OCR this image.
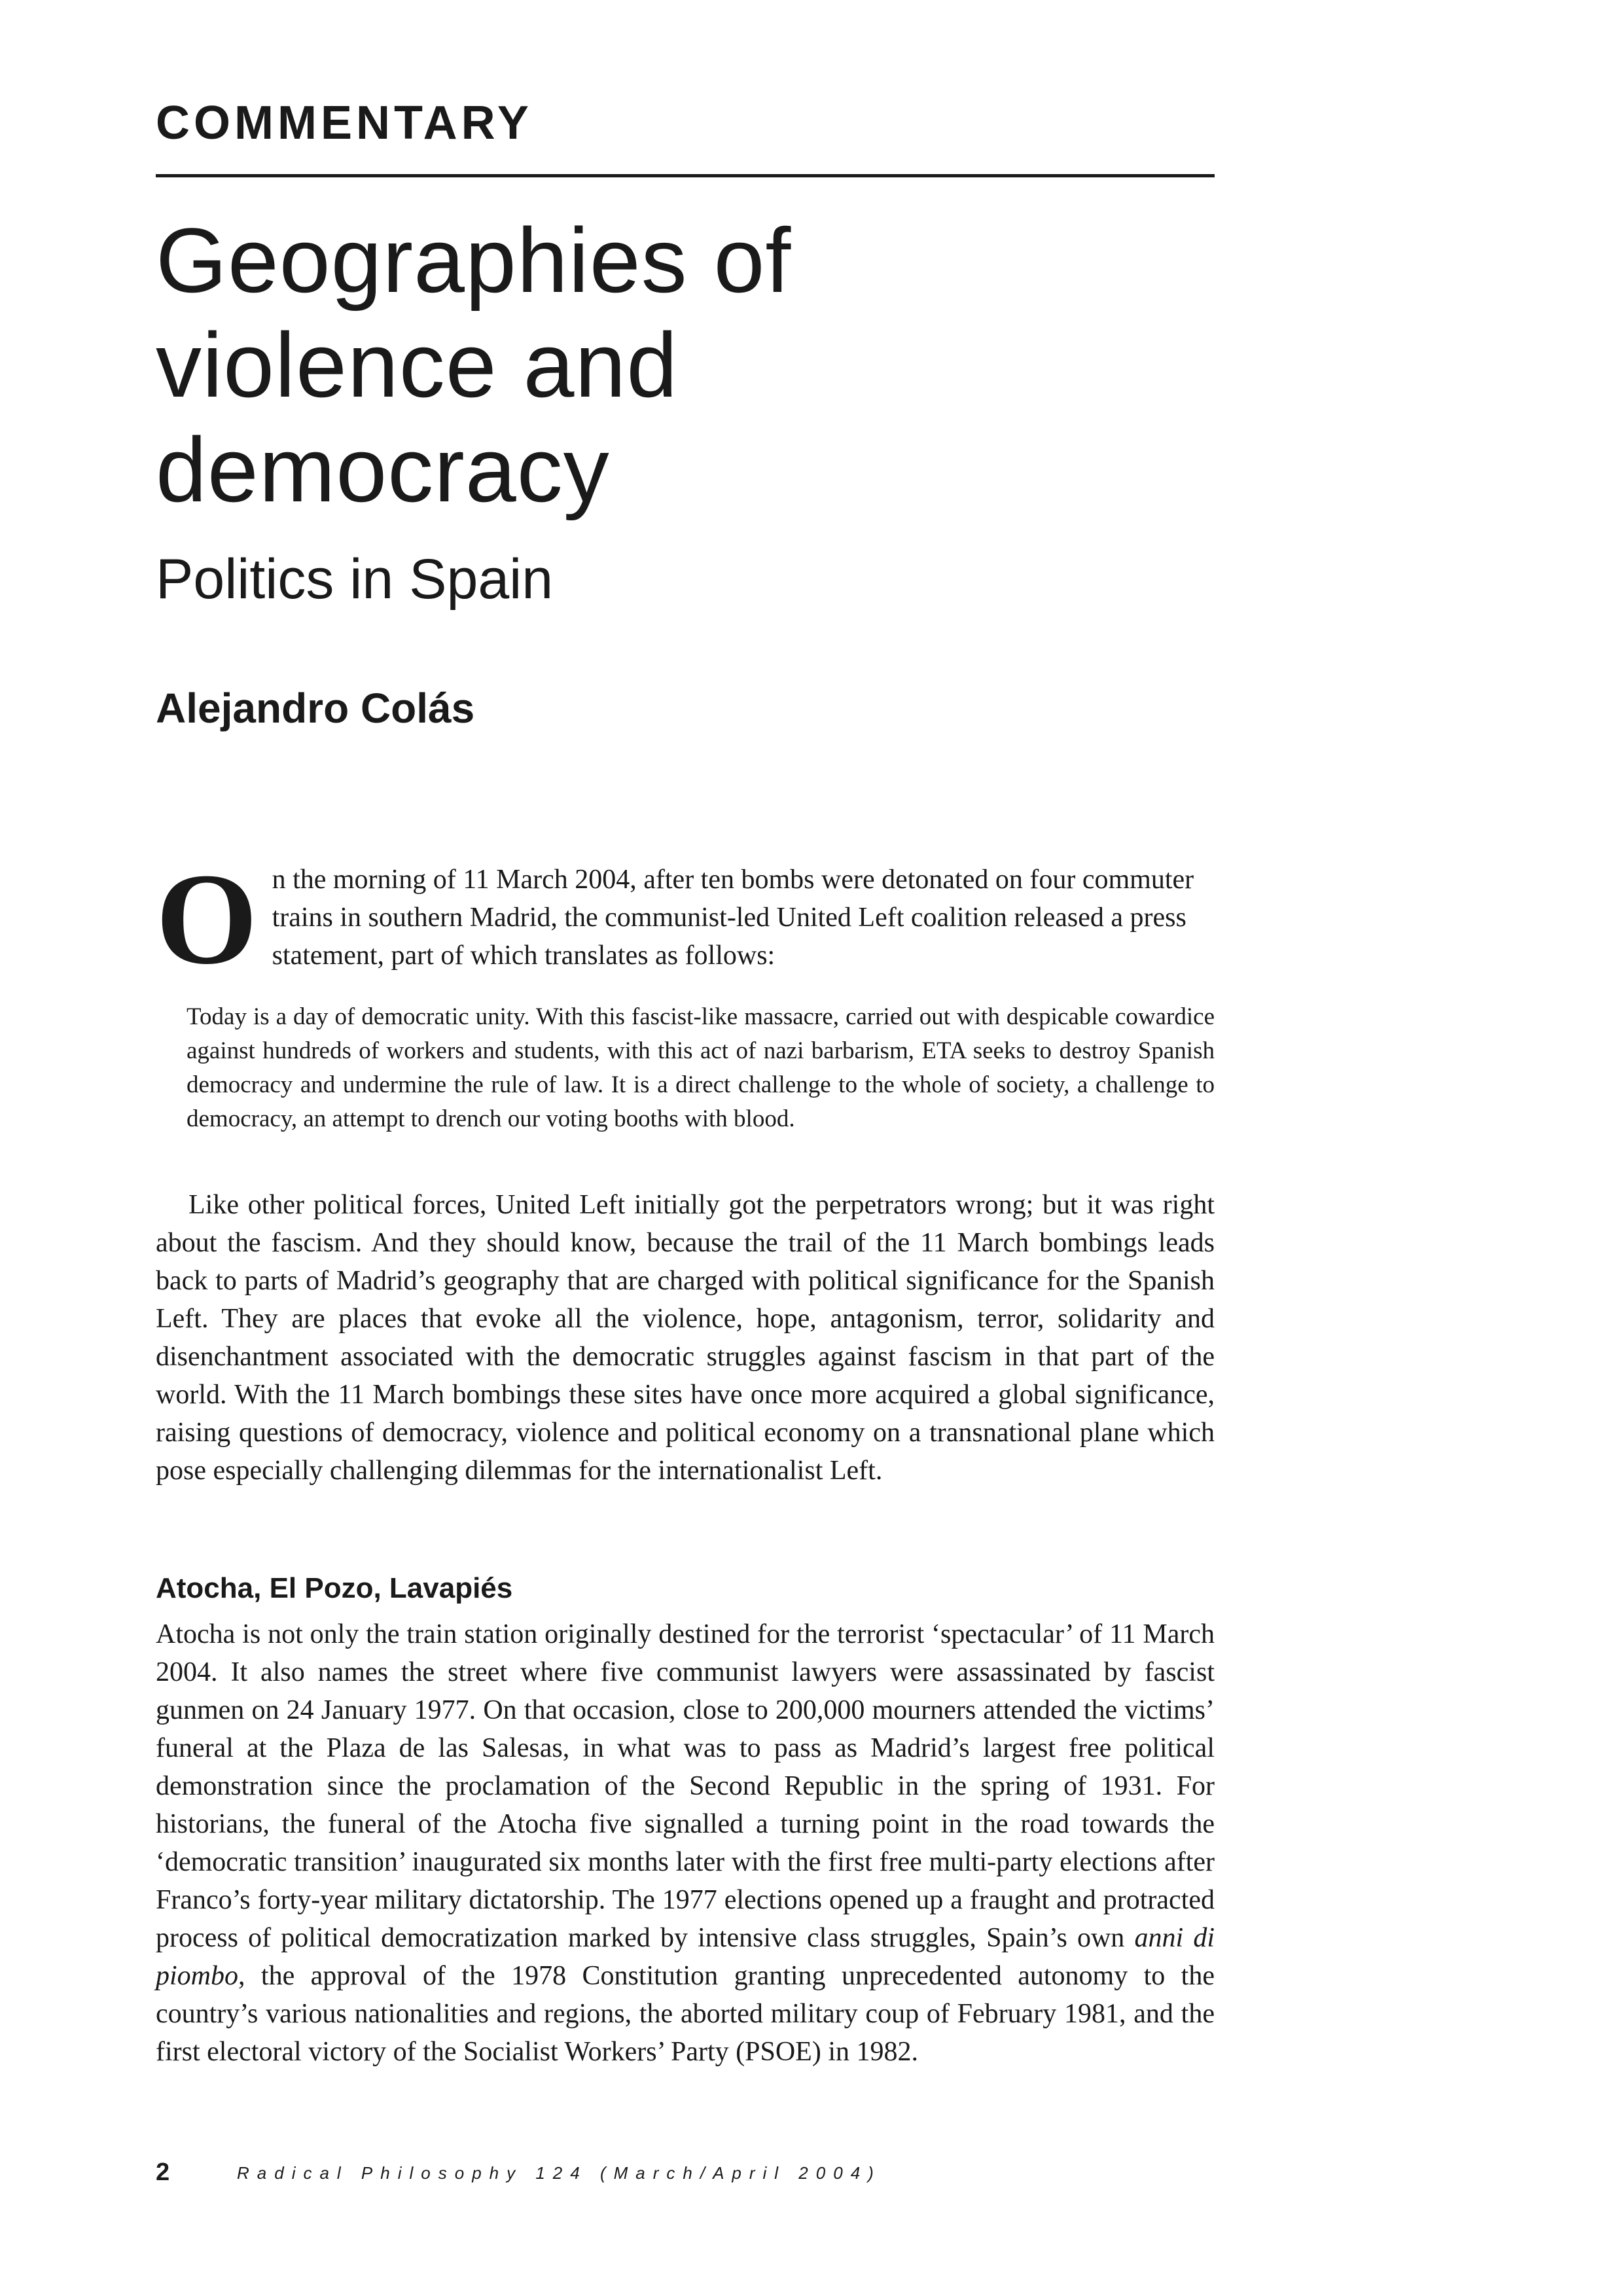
COMMENTARY
Geographies of
violence and
democracy
Politics in Spain
Alejandro Colás

O n the morning of 11 March 2004, after ten bombs were detonated on four commuter trains in southern Madrid, the communist-led United Left coalition released a press statement, part of which translates as follows:

Today is a day of democratic unity. With this fascist-like massacre, carried out with despicable cowardice against hundreds of workers and students, with this act of nazi barbarism, ETA seeks to destroy Spanish democracy and undermine the rule of law. It is a direct challenge to the whole of society, a challenge to democracy, an attempt to drench our voting booths with blood.

Like other political forces, United Left initially got the perpetrators wrong; but it was right about the fascism. And they should know, because the trail of the 11 March bombings leads back to parts of Madrid’s geography that are charged with political significance for the Spanish Left. They are places that evoke all the violence, hope, antagonism, terror, solidarity and disenchantment associated with the democratic struggles against fascism in that part of the world. With the 11 March bombings these sites have once more acquired a global significance, raising questions of democracy, violence and political economy on a transnational plane which pose especially challenging dilemmas for the internationalist Left.

Atocha, El Pozo, Lavapiés

Atocha is not only the train station originally destined for the terrorist ‘spectacular’ of 11 March 2004. It also names the street where five communist lawyers were assassinated by fascist gunmen on 24 January 1977. On that occasion, close to 200,000 mourners attended the victims’ funeral at the Plaza de las Salesas, in what was to pass as Madrid’s largest free political demonstration since the proclamation of the Second Republic in the spring of 1931. For historians, the funeral of the Atocha five signalled a turning point in the road towards the ‘democratic transition’ inaugurated six months later with the first free multi-party elections after Franco’s forty-year military dictatorship. The 1977 elections opened up a fraught and protracted process of political democratization marked by intensive class struggles, Spain’s own anni di piombo, the approval of the 1978 Constitution granting unprecedented autonomy to the country’s various nationalities and regions, the aborted military coup of February 1981, and the first electoral victory of the Socialist Workers’ Party (PSOE) in 1982.

2	Radical Philosophy 124 (March/April 2004)
